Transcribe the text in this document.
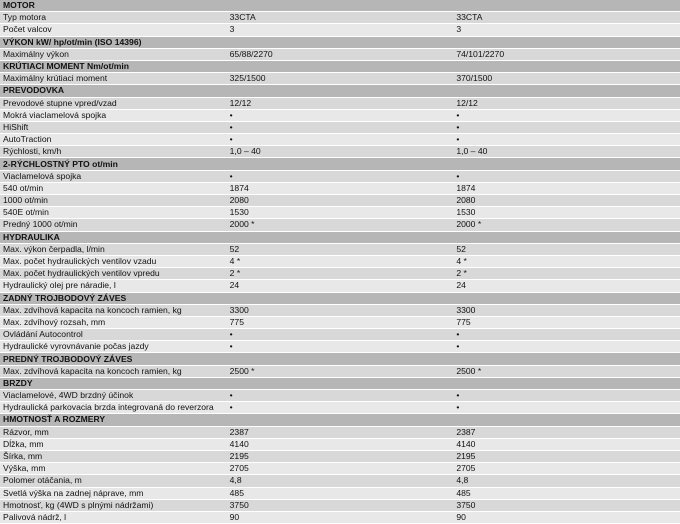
MOTOR		
Typ motora	33CTA	33CTA
Počet valcov	3	3
VÝKON kW/ hp/ot/min (ISO 14396)		
Maximálny výkon	65/88/2270	74/101/2270
KRÚTIACI MOMENT Nm/ot/min		
Maximálny krútiaci moment	325/1500	370/1500
PREVODOVKA		
Prevodové stupne vpred/vzad	12/12	12/12
Mokrá viaclamelová spojka	•	•
HiShift	•	•
AutoTraction	•	•
Rýchlosti, km/h	1,0 – 40	1,0 – 40
2-RÝCHLOSTNÝ PTO ot/min		
Viaclamelová spojka	•	•
540 ot/min	1874	1874
1000 ot/min	2080	2080
540E ot/min	1530	1530
Predný 1000 ot/min	2000 *	2000 *
HYDRAULIKA		
Max. výkon čerpadla, l/min	52	52
Max. počet hydraulických ventilov vzadu	4 *	4 *
Max. počet hydraulických ventilov vpredu	2 *	2 *
Hydraulický olej pre náradie, l	24	24
ZADNÝ TROJBODOVÝ ZÁVES		
Max. zdvíhová kapacita na koncoch ramien, kg	3300	3300
Max. zdvíhový rozsah, mm	775	775
Ovládání Autocontrol	•	•
Hydraulické vyrovnávanie počas jazdy	•	•
PREDNÝ TROJBODOVÝ ZÁVES		
Max. zdvíhová kapacita na koncoch ramien, kg	2500 *	2500 *
BRZDY		
Viaclamelové, 4WD brzdný účinok	•	•
Hydraulická parkovacia brzda integrovaná do reverzora	•	•
HMOTNOSŤ A ROZMERY		
Rázvor, mm	2387	2387
Dĺžka, mm	4140	4140
Šírka, mm	2195	2195
Výška, mm	2705	2705
Polomer otáčania, m	4,8	4,8
Svetlá výška na zadnej náprave, mm	485	485
Hmotnosť, kg (4WD s plnými nádržami)	3750	3750
Palivová nádrž, l	90	90
